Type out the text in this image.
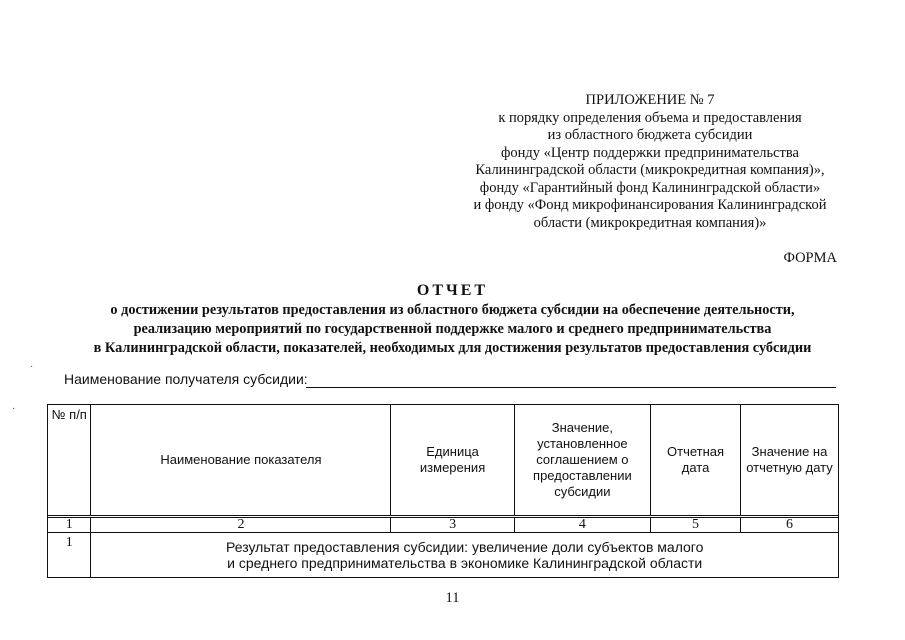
ПРИЛОЖЕНИЕ № 7
к порядку определения объема и предоставления
из областного бюджета субсидии
фонду «Центр поддержки предпринимательства
Калининградской области (микрокредитная компания)»,
фонду «Гарантийный фонд Калининградской области»
и фонду «Фонд микрофинансирования Калининградской
области (микрокредитная компания)»
ФОРМА
ОТЧЕТ
о достижении результатов предоставления из областного бюджета субсидии на обеспечение деятельности,
реализацию мероприятий по государственной поддержке малого и среднего предпринимательства
в Калининградской области, показателей, необходимых для достижения результатов предоставления субсидии
·
·
Наименование получателя субсидии:
№ п/п	Наименование показателя	Единица измерения	Значение, установленное соглашением о предоставлении субсидии	Отчетная дата	Значение на отчетную дату

1	2	3	4	5	6
1	Результат предоставления субсидии: увеличение доли субъектов малого
и среднего предпринимательства в экономике Калининградской области				
11
